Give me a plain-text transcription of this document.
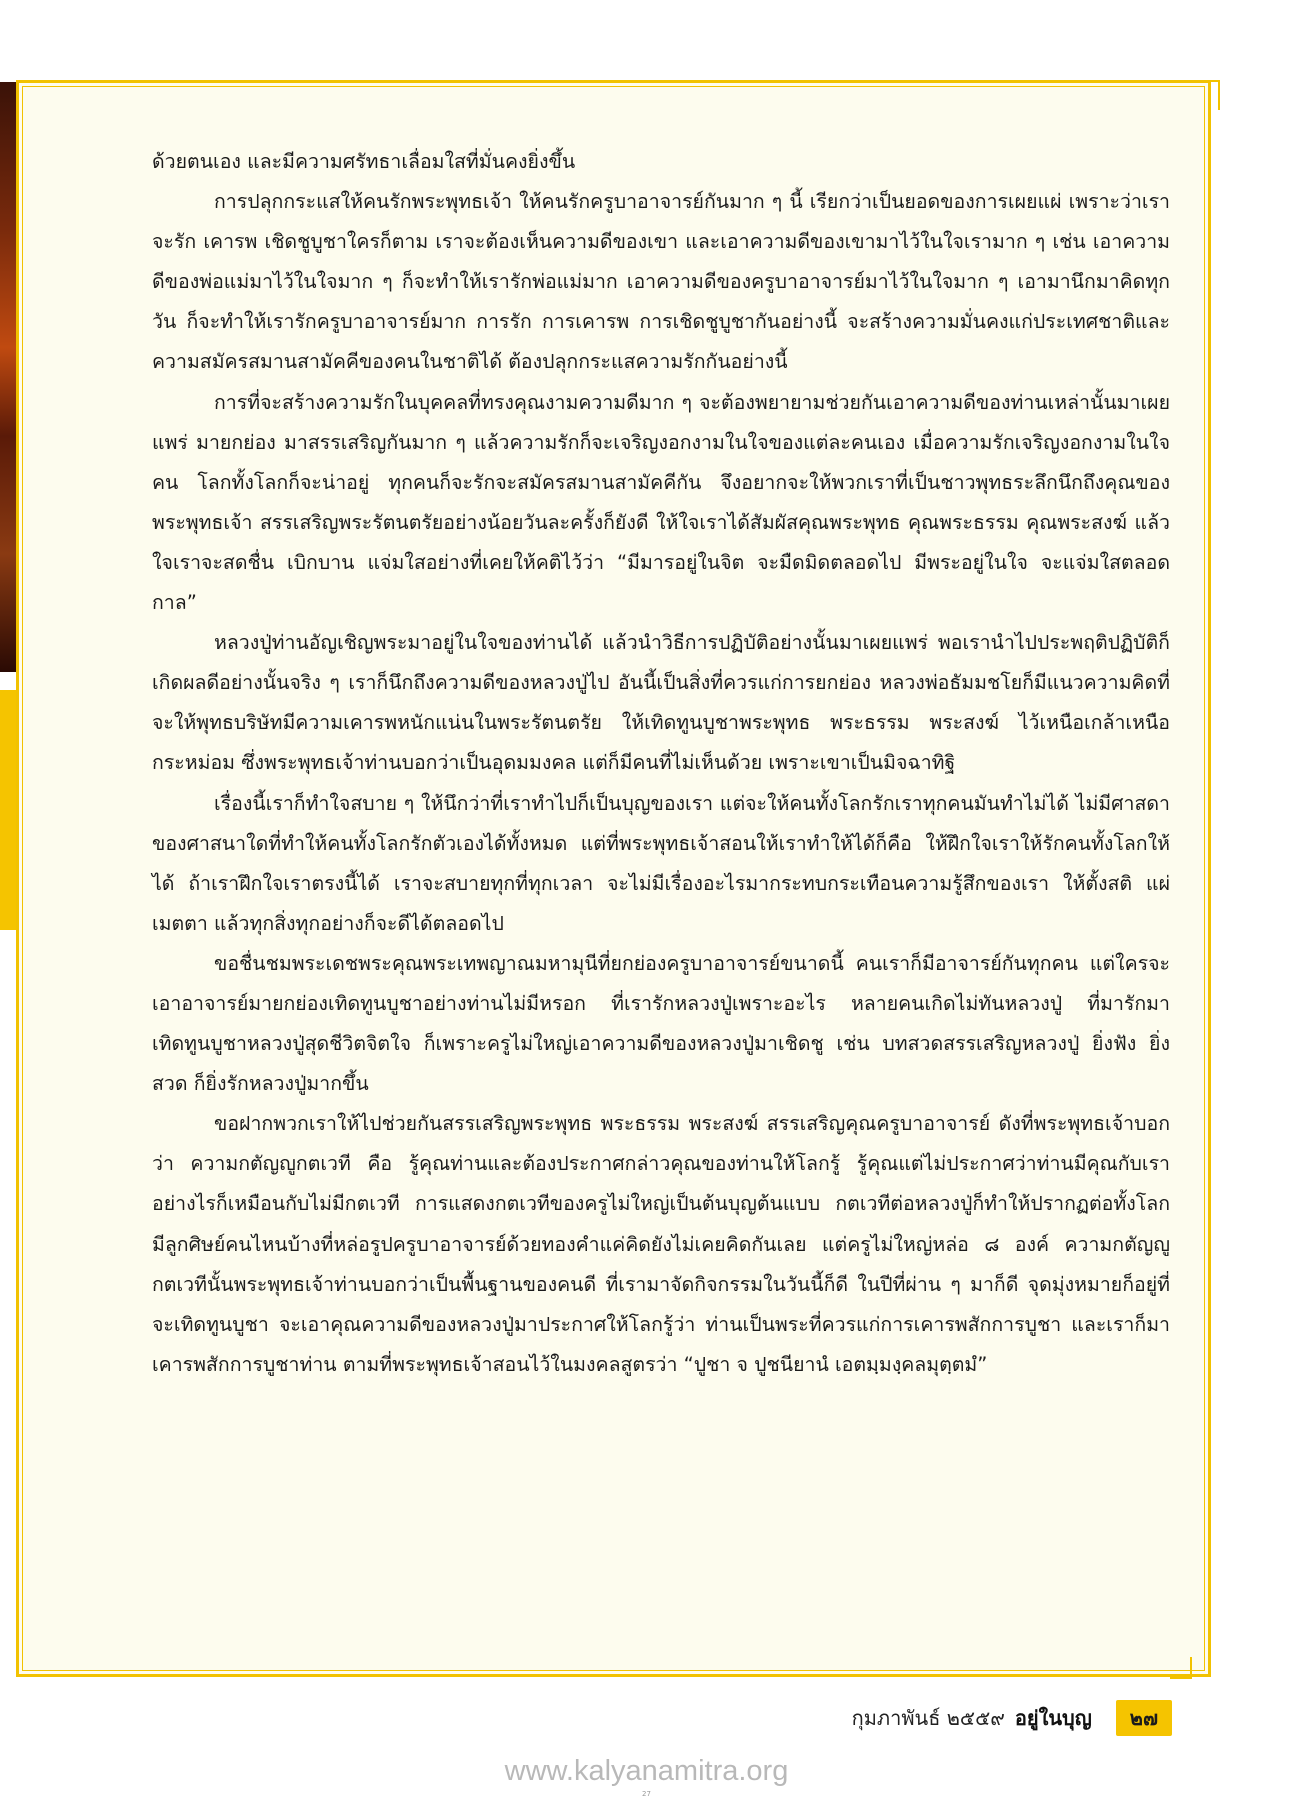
ด้วยตนเอง และมีความศรัทธาเลื่อมใสที่มั่นคงยิ่งขึ้น

การปลุกกระแสให้คนรักพระพุทธเจ้า ให้คนรักครูบาอาจารย์กันมาก ๆ นี้ เรียกว่าเป็นยอดของการเผยแผ่ เพราะว่าเราจะรัก เคารพ เชิดชูบูชาใครก็ตาม เราจะต้องเห็นความดีของเขา และเอาความดีของเขามาไว้ในใจเรามาก ๆ เช่น เอาความดีของพ่อแม่มาไว้ในใจมาก ๆ ก็จะทำให้เรารักพ่อแม่มาก เอาความดีของครูบาอาจารย์มาไว้ในใจมาก ๆ เอามานึกมาคิดทุกวัน ก็จะทำให้เรารักครูบาอาจารย์มาก การรัก การเคารพ การเชิดชูบูชากันอย่างนี้ จะสร้างความมั่นคงแก่ประเทศชาติและความสมัครสมานสามัคคีของคนในชาติได้ ต้องปลุกกระแสความรักกันอย่างนี้

การที่จะสร้างความรักในบุคคลที่ทรงคุณงามความดีมาก ๆ จะต้องพยายามช่วยกันเอาความดีของท่านเหล่านั้นมาเผยแพร่ มายกย่อง มาสรรเสริญกันมาก ๆ แล้วความรักก็จะเจริญงอกงามในใจของแต่ละคนเอง เมื่อความรักเจริญงอกงามในใจคน โลกทั้งโลกก็จะน่าอยู่ ทุกคนก็จะรักจะสมัครสมานสามัคคีกัน จึงอยากจะให้พวกเราที่เป็นชาวพุทธระลึกนึกถึงคุณของพระพุทธเจ้า สรรเสริญพระรัตนตรัยอย่างน้อยวันละครั้งก็ยังดี ให้ใจเราได้สัมผัสคุณพระพุทธ คุณพระธรรม คุณพระสงฆ์ แล้วใจเราจะสดชื่น เบิกบาน แจ่มใสอย่างที่เคยให้คติไว้ว่า “มีมารอยู่ในจิต จะมืดมิดตลอดไป มีพระอยู่ในใจ จะแจ่มใสตลอดกาล”

หลวงปู่ท่านอัญเชิญพระมาอยู่ในใจของท่านได้ แล้วนำวิธีการปฏิบัติอย่างนั้นมาเผยแพร่ พอเรานำไปประพฤติปฏิบัติก็เกิดผลดีอย่างนั้นจริง ๆ เราก็นึกถึงความดีของหลวงปู่ไป อันนี้เป็นสิ่งที่ควรแก่การยกย่อง หลวงพ่อธัมมชโยก็มีแนวความคิดที่จะให้พุทธบริษัทมีความเคารพหนักแน่นในพระรัตนตรัย ให้เทิดทูนบูชาพระพุทธ พระธรรม พระสงฆ์ ไว้เหนือเกล้าเหนือกระหม่อม ซึ่งพระพุทธเจ้าท่านบอกว่าเป็นอุดมมงคล แต่ก็มีคนที่ไม่เห็นด้วย เพราะเขาเป็นมิจฉาทิฐิ

เรื่องนี้เราก็ทำใจสบาย ๆ ให้นึกว่าที่เราทำไปก็เป็นบุญของเรา แต่จะให้คนทั้งโลกรักเราทุกคนมันทำไม่ได้ ไม่มีศาสดาของศาสนาใดที่ทำให้คนทั้งโลกรักตัวเองได้ทั้งหมด แต่ที่พระพุทธเจ้าสอนให้เราทำให้ได้ก็คือ ให้ฝึกใจเราให้รักคนทั้งโลกให้ได้ ถ้าเราฝึกใจเราตรงนี้ได้ เราจะสบายทุกที่ทุกเวลา จะไม่มีเรื่องอะไรมากระทบกระเทือนความรู้สึกของเรา ให้ตั้งสติ แผ่เมตตา แล้วทุกสิ่งทุกอย่างก็จะดีได้ตลอดไป

ขอชื่นชมพระเดชพระคุณพระเทพญาณมหามุนีที่ยกย่องครูบาอาจารย์ขนาดนี้ คนเราก็มีอาจารย์กันทุกคน แต่ใครจะเอาอาจารย์มายกย่องเทิดทูนบูชาอย่างท่านไม่มีหรอก ที่เรารักหลวงปู่เพราะอะไร หลายคนเกิดไม่ทันหลวงปู่ ที่มารักมาเทิดทูนบูชาหลวงปู่สุดชีวิตจิตใจ ก็เพราะครูไม่ใหญ่เอาความดีของหลวงปู่มาเชิดชู เช่น บทสวดสรรเสริญหลวงปู่ ยิ่งฟัง ยิ่งสวด ก็ยิ่งรักหลวงปู่มากขึ้น

ขอฝากพวกเราให้ไปช่วยกันสรรเสริญพระพุทธ พระธรรม พระสงฆ์ สรรเสริญคุณครูบาอาจารย์ ดังที่พระพุทธเจ้าบอกว่า ความกตัญญูกตเวที คือ รู้คุณท่านและต้องประกาศกล่าวคุณของท่านให้โลกรู้ รู้คุณแต่ไม่ประกาศว่าท่านมีคุณกับเราอย่างไรก็เหมือนกับไม่มีกตเวที การแสดงกตเวทีของครูไม่ใหญ่เป็นต้นบุญต้นแบบ กตเวทีต่อหลวงปู่ก็ทำให้ปรากฏต่อทั้งโลก มีลูกศิษย์คนไหนบ้างที่หล่อรูปครูบาอาจารย์ด้วยทองคำแค่คิดยังไม่เคยคิดกันเลย แต่ครูไม่ใหญ่หล่อ ๘ องค์ ความกตัญญูกตเวทีนั้นพระพุทธเจ้าท่านบอกว่าเป็นพื้นฐานของคนดี ที่เรามาจัดกิจกรรมในวันนี้ก็ดี ในปีที่ผ่าน ๆ มาก็ดี จุดมุ่งหมายก็อยู่ที่จะเทิดทูนบูชา จะเอาคุณความดีของหลวงปู่มาประกาศให้โลกรู้ว่า ท่านเป็นพระที่ควรแก่การเคารพสักการบูชา และเราก็มาเคารพสักการบูชาท่าน ตามที่พระพุทธเจ้าสอนไว้ในมงคลสูตรว่า “ปูชา จ ปูชนียานํ เอตมฺมงฺคลมุตฺตมํ”

กุมภาพันธ์ ๒๕๕๙ อยู่ในบุญ	๒๗
www.kalyanamitra.org
27
